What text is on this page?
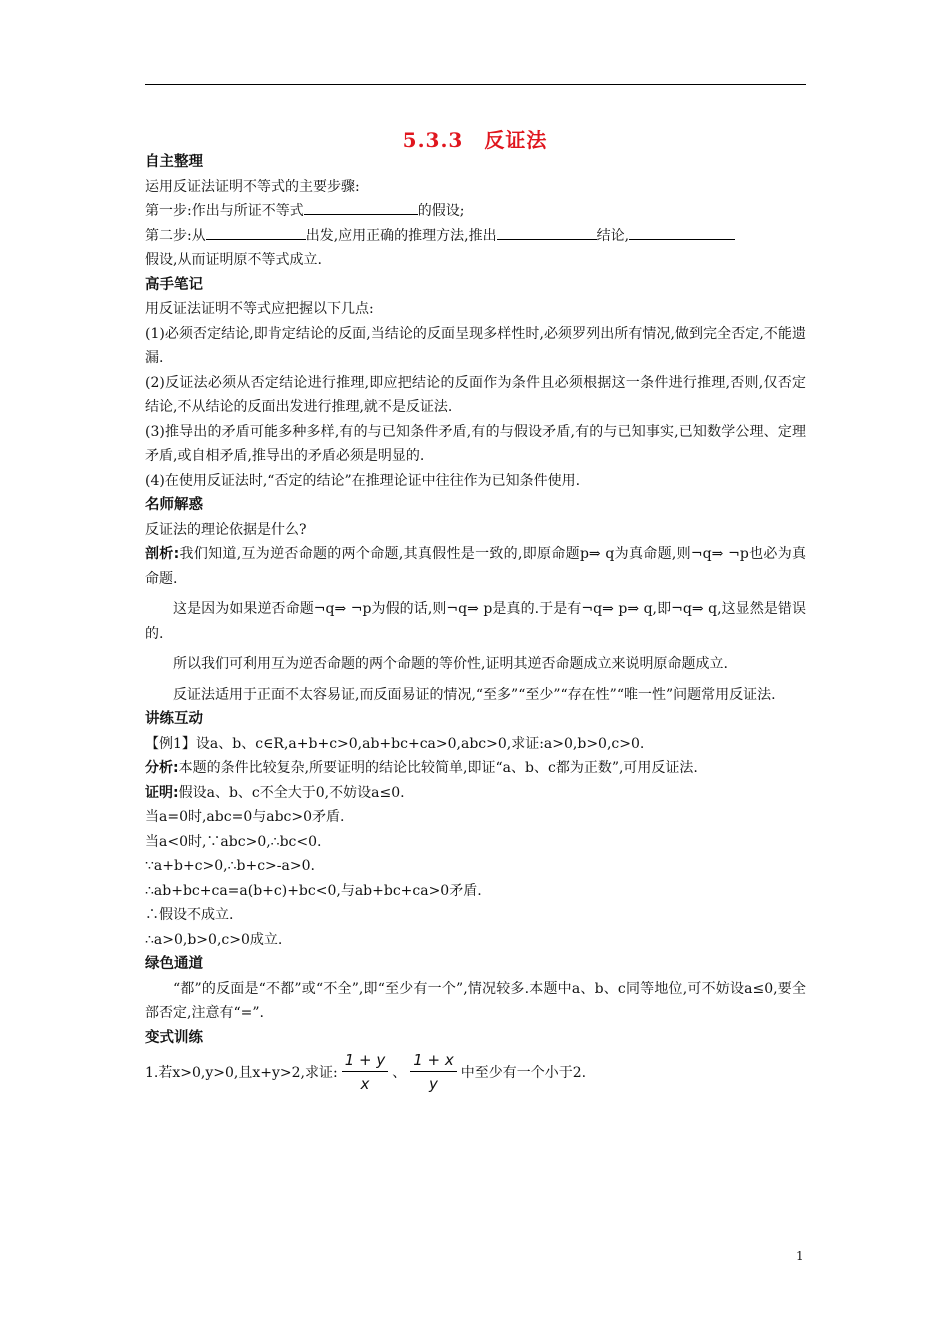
5.3.3　反证法

自主整理

运用反证法证明不等式的主要步骤:

第一步:作出与所证不等式	的假设;

第二步:从	出发,应用正确的推理方法,推出	结论,
假设,从而证明原不等式成立.

高手笔记

用反证法证明不等式应把握以下几点:

(1)必须否定结论,即肯定结论的反面,当结论的反面呈现多样性时,必须罗列出所有情况,做到完全否定,不能遗漏.

(2)反证法必须从否定结论进行推理,即应把结论的反面作为条件且必须根据这一条件进行推理,否则,仅否定结论,不从结论的反面出发进行推理,就不是反证法.

(3)推导出的矛盾可能多种多样,有的与已知条件矛盾,有的与假设矛盾,有的与已知事实,已知数学公理、定理矛盾,或自相矛盾,推导出的矛盾必须是明显的.

(4)在使用反证法时,“否定的结论”在推理论证中往往作为已知条件使用.

名师解惑

反证法的理论依据是什么?

剖析:我们知道,互为逆否命题的两个命题,其真假性是一致的,即原命题p⇒ q为真命题,则¬q⇒ ¬p也必为真命题.

这是因为如果逆否命题¬q⇒ ¬p为假的话,则¬q⇒ p是真的.于是有¬q⇒ p⇒ q,即¬q⇒ q,这显然是错误的.

所以我们可利用互为逆否命题的两个命题的等价性,证明其逆否命题成立来说明原命题成立.

反证法适用于正面不太容易证,而反面易证的情况,“至多”“至少”“存在性”“唯一性”问题常用反证法.

讲练互动

【例1】设a、b、c∈R,a+b+c>0,ab+bc+ca>0,abc>0,求证:a>0,b>0,c>0.

分析:本题的条件比较复杂,所要证明的结论比较简单,即证“a、b、c都为正数”,可用反证法.

证明:假设a、b、c不全大于0,不妨设a≤0.

当a=0时,abc=0与abc>0矛盾.

当a<0时,∵abc>0,∴bc<0.

∵a+b+c>0,∴b+c>-a>0.

∴ab+bc+ca=a(b+c)+bc<0,与ab+bc+ca>0矛盾.

∴假设不成立.

∴a>0,b>0,c>0成立.

绿色通道

“都”的反面是“不都”或“不全”,即“至少有一个”,情况较多.本题中a、b、c同等地位,可不妨设a≤0,要全部否定,注意有“=”.

变式训练

1.若x>0,y>0,且x+y>2,求证: $\frac{1 + y}{x}$ 、 $\frac{1 + x}{y}$ 中至少有一个小于2.

1
